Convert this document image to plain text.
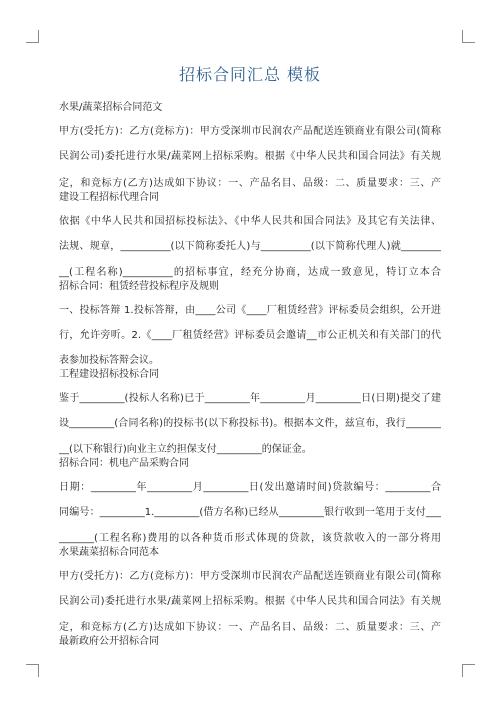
招标合同汇总 模板
水果/蔬菜招标合同范文
甲方(受托方)：乙方(竞标方)：甲方受深圳市民润农产品配送连锁商业有限公司(简称
民润公司)委托进行水果/蔬菜网上招标采购。根据《中华人民共和国合同法》有关规
定，和竞标方(乙方)达成如下协议：一、产品名目、品级：二、质量要求：三、产
建设工程招标代理合同
依据《中华人民共和国招标投标法》、《中华人民共和国合同法》及其它有关法律、
法规、规章，__________(以下简称委托人)与__________(以下简称代理人)就________
__(工程名称)__________的招标事宜，经充分协商，达成一致意见，特订立本合
招标合同：租赁经营投标程序及规则
一、投标答辩 1.投标答辩，由____公司《____厂租赁经营》评标委员会组织，公开进
行，允许旁听。2.《____厂租赁经营》评标委员会邀请__市公正机关和有关部门的代
表参加投标答辩会议。
工程建设招标投标合同
鉴于_________(投标人名称)已于_________年_________月_________日(日期)提交了建
设_________(合同名称)的投标书(以下称投标书)。根据本文件，兹宣布，我行_______
__(以下称银行)向业主立约担保支付_________的保证金。
招标合同：机电产品采购合同
日期：_________年_________月_________日(发出邀请时间)贷款编号：_________合
同编号：_________1._________(借方名称)已经从_________银行收到一笔用于支付___
_______(工程名称)费用的以各种货币形式体现的贷款，该贷款收入的一部分将用
水果蔬菜招标合同范本
甲方(受托方)：乙方(竞标方)：甲方受深圳市民润农产品配送连锁商业有限公司(简称
民润公司)委托进行水果/蔬菜网上招标采购。根据《中华人民共和国合同法》有关规
定，和竞标方(乙方)达成如下协议：一、产品名目、品级：二、质量要求：三、产
最新政府公开招标合同
